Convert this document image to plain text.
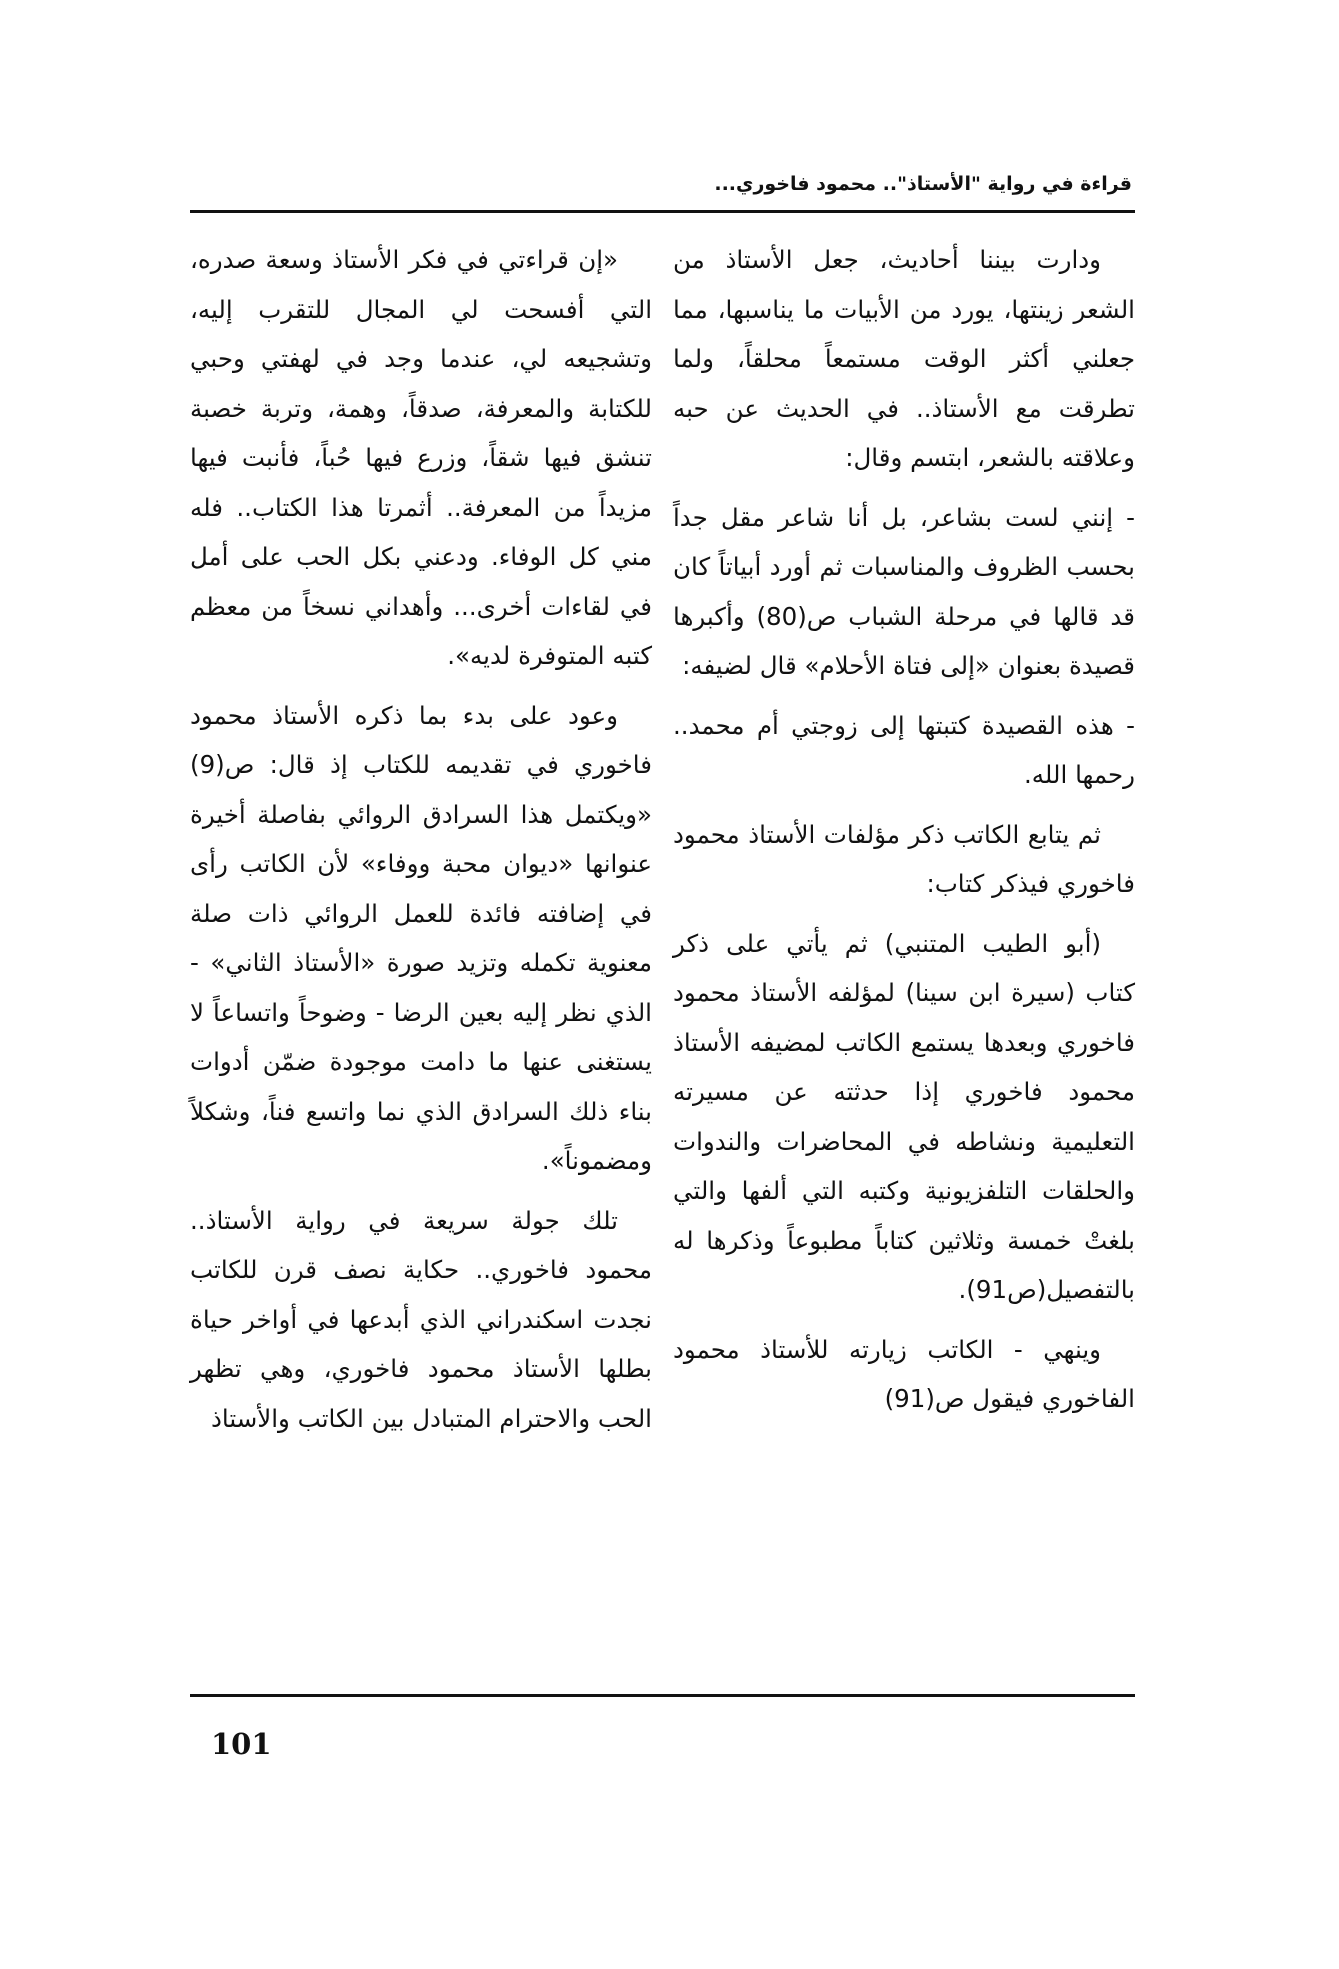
قراءة في رواية "الأستاذ".. محمود فاخوري...

ودارت بيننا أحاديث، جعل الأستاذ من الشعر زينتها، يورد من الأبيات ما يناسبها، مما جعلني أكثر الوقت مستمعاً محلقاً، ولما تطرقت مع الأستاذ.. في الحديث عن حبه وعلاقته بالشعر، ابتسم وقال:

- إنني لست بشاعر، بل أنا شاعر مقل جداً بحسب الظروف والمناسبات ثم أورد أبياتاً كان قد قالها في مرحلة الشباب ص(80) وأكبرها قصيدة بعنوان «إلى فتاة الأحلام» قال لضيفه:

- هذه القصيدة كتبتها إلى زوجتي أم محمد.. رحمها الله.

ثم يتابع الكاتب ذكر مؤلفات الأستاذ محمود فاخوري فيذكر كتاب:

(أبو الطيب المتنبي) ثم يأتي على ذكر كتاب (سيرة ابن سينا) لمؤلفه الأستاذ محمود فاخوري وبعدها يستمع الكاتب لمضيفه الأستاذ محمود فاخوري إذا حدثته عن مسيرته التعليمية ونشاطه في المحاضرات والندوات والحلقات التلفزيونية وكتبه التي ألفها والتي بلغتْ خمسة وثلاثين كتاباً مطبوعاً وذكرها له بالتفصيل(ص91).

وينهي - الكاتب زيارته للأستاذ محمود الفاخوري فيقول ص(91)

«إن قراءتي في فكر الأستاذ وسعة صدره، التي أفسحت لي المجال للتقرب إليه، وتشجيعه لي، عندما وجد في لهفتي وحبي للكتابة والمعرفة، صدقاً، وهمة، وتربة خصبة تنشق فيها شقاً، وزرع فيها حُباً، فأنبت فيها مزيداً من المعرفة.. أثمرتا هذا الكتاب.. فله مني كل الوفاء. ودعني بكل الحب على أمل في لقاءات أخرى... وأهداني نسخاً من معظم كتبه المتوفرة لديه».

وعود على بدء بما ذكره الأستاذ محمود فاخوري في تقديمه للكتاب إذ قال: ص(9) «ويكتمل هذا السرادق الروائي بفاصلة أخيرة عنوانها «ديوان محبة ووفاء» لأن الكاتب رأى في إضافته فائدة للعمل الروائي ذات صلة معنوية تكمله وتزيد صورة «الأستاذ الثاني» - الذي نظر إليه بعين الرضا - وضوحاً واتساعاً لا يستغنى عنها ما دامت موجودة ضمّن أدوات بناء ذلك السرادق الذي نما واتسع فناً، وشكلاً ومضموناً».

تلك جولة سريعة في رواية الأستاذ.. محمود فاخوري.. حكاية نصف قرن للكاتب نجدت اسكندراني الذي أبدعها في أواخر حياة بطلها الأستاذ محمود فاخوري، وهي تظهر الحب والاحترام المتبادل بين الكاتب والأستاذ

101
